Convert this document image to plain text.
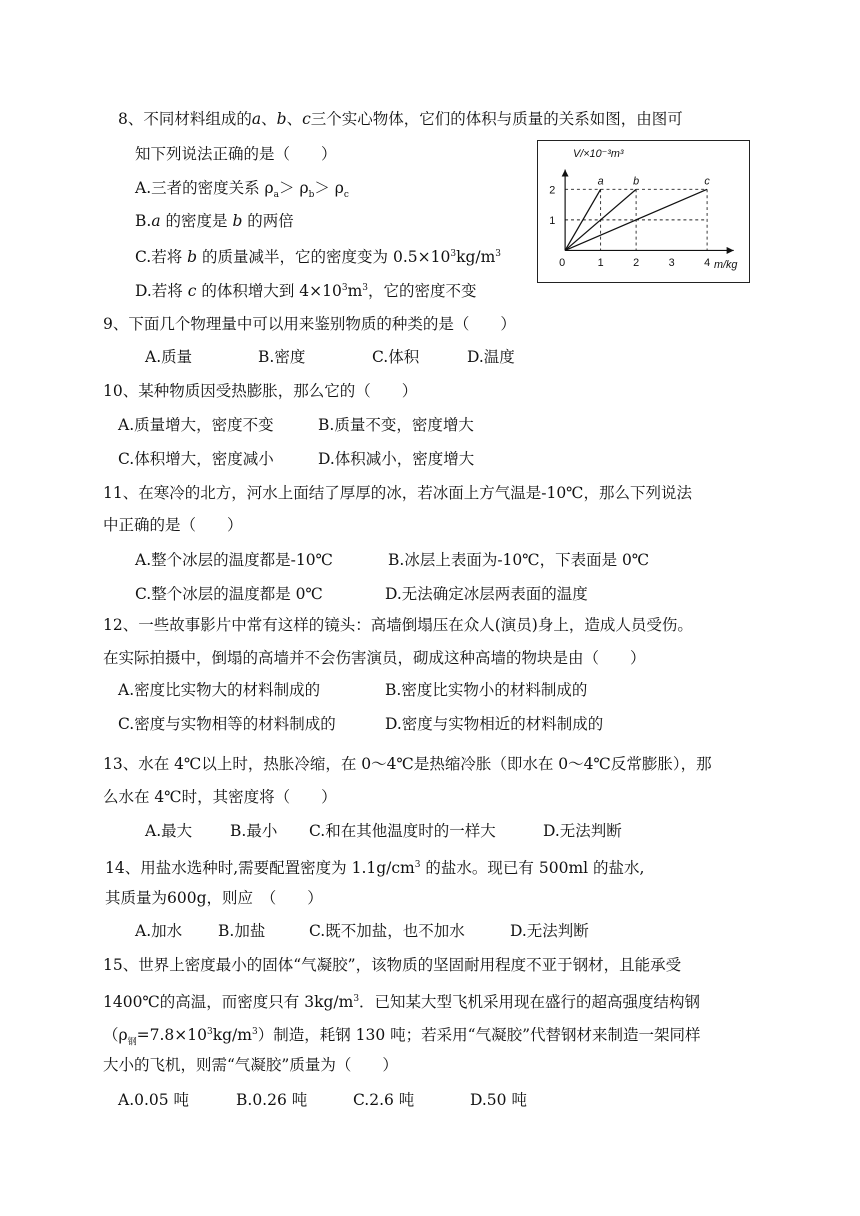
8、不同材料组成的a、b、c三个实心物体，它们的体积与质量的关系如图，由图可
知下列说法正确的是（　　）
A.三者的密度关系 $\rho_a> \rho_b> \rho_c$
B.a 的密度是 b 的两倍
C.若将 b 的质量减半，它的密度变为 $0.5\times 10^3kg/m^3$
D.若将 c 的体积增大到 $4\times 10^3m^3$，它的密度不变
a	b	c
0	1	2	3	4
1
2
V/×10⁻³m³
m/kg
9、下面几个物理量中可以用来鉴别物质的种类的是（　　）
A.质量	B.密度	C.体积	D.温度
10、某种物质因受热膨胀，那么它的（　　）
A.质量增大，密度不变	B.质量不变，密度增大
C.体积增大，密度减小	D.体积减小，密度增大
11、在寒冷的北方，河水上面结了厚厚的冰，若冰面上方气温是-10℃，那么下列说法
中正确的是（　　）
A.整个冰层的温度都是-10℃	B.冰层上表面为-10℃，下表面是 0℃
C.整个冰层的温度都是 0℃	D.无法确定冰层两表面的温度
12、一些故事影片中常有这样的镜头：高墙倒塌压在众人(演员)身上，造成人员受伤。
在实际拍摄中，倒塌的高墙并不会伤害演员，砌成这种高墙的物块是由（　　）
A.密度比实物大的材料制成的	B.密度比实物小的材料制成的
C.密度与实物相等的材料制成的	D.密度与实物相近的材料制成的
13、水在 4℃以上时，热胀冷缩，在 0～4℃是热缩冷胀（即水在 0～4℃反常膨胀），那
么水在 4℃时，其密度将（　　）
A.最大 B.最小 C.和在其他温度时的一样大	D.无法判断
14、用盐水选种时,需要配置密度为 $1.1g/cm^3$ 的盐水。现已有 500ml 的盐水,
其质量为600g，则应　（　　）
A.加水 B.加盐	C.既不加盐，也不加水	D.无法判断
15、世界上密度最小的固体“气凝胶”，该物质的坚固耐用程度不亚于钢材，且能承受
1400℃的高温，而密度只有 $3kg/m^3$．已知某大型飞机采用现在盛行的超高强度结构钢
$(\rho_钢=7.8\times 10^3kg/m^3)$制造，耗钢 130 吨；若采用“气凝胶”代替钢材来制造一架同样
大小的飞机，则需“气凝胶”质量为（　　）
A.0.05 吨	B.0.26 吨	C.2.6 吨	D.50 吨
